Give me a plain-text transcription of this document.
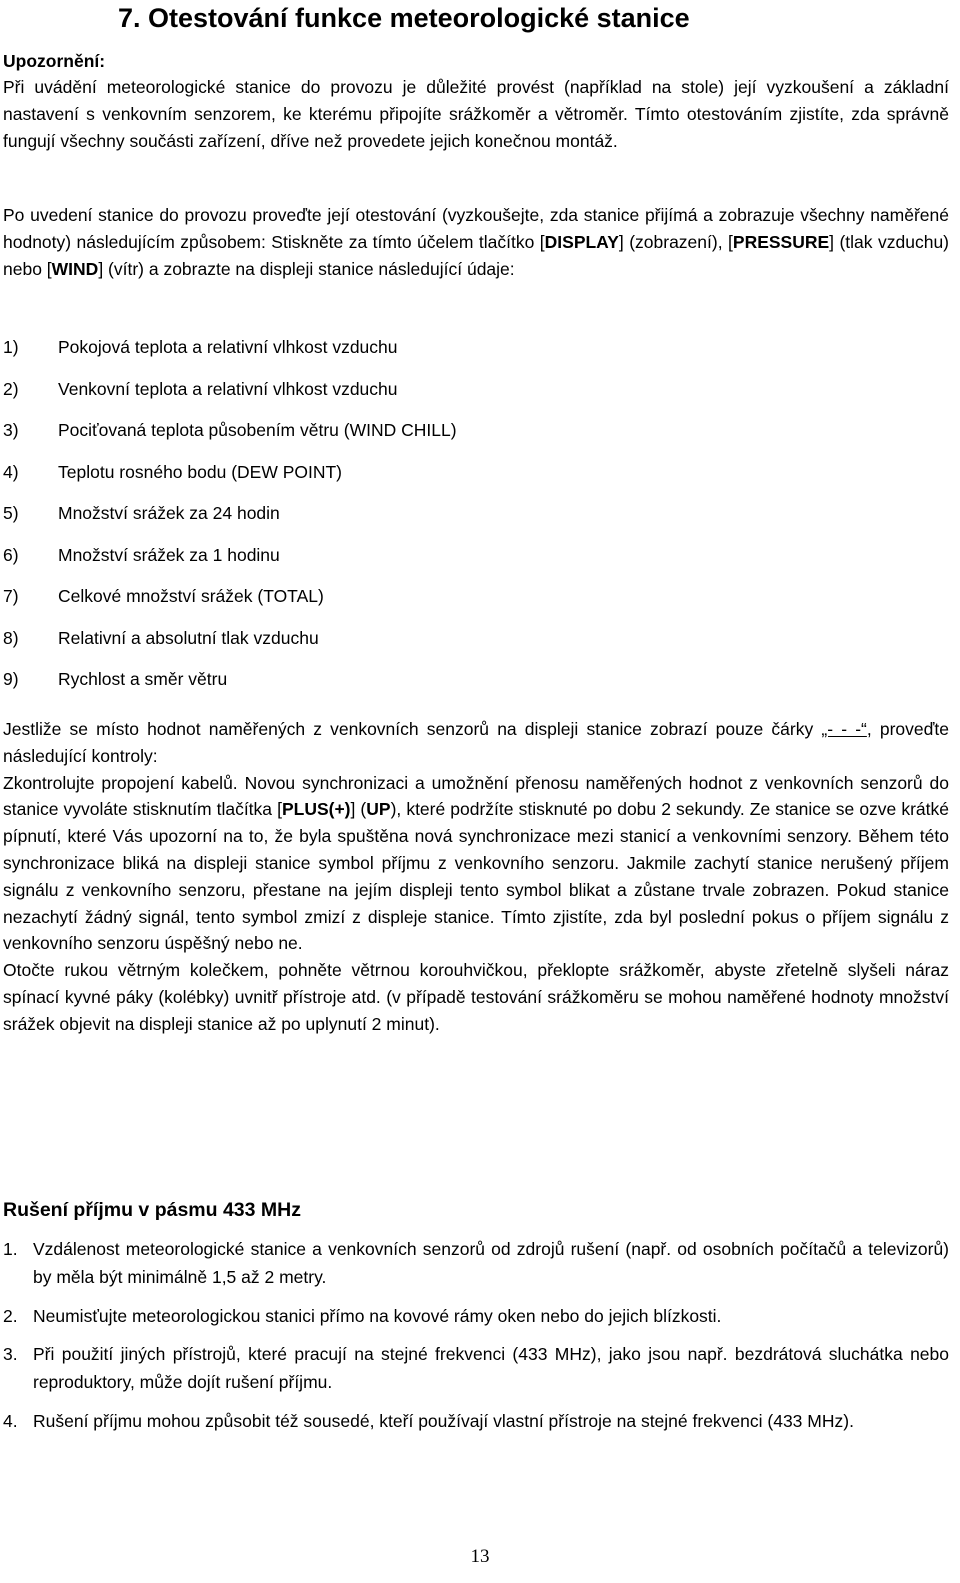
7. Otestování funkce meteorologické stanice
Upozornění:

Při uvádění meteorologické stanice do provozu je důležité provést (například na stole) její vyzkoušení a základní nastavení s venkovním senzorem, ke kterému připojíte srážkoměr a větroměr. Tímto otestováním zjistíte, zda správně fungují všechny součásti zařízení, dříve než provedete jejich konečnou montáž.

Po uvedení stanice do provozu proveďte její otestování (vyzkoušejte, zda stanice přijímá a zobrazuje všechny naměřené hodnoty) následujícím způsobem: Stiskněte za tímto účelem tlačítko [DISPLAY] (zobrazení), [PRESSURE] (tlak vzduchu) nebo [WIND] (vítr) a zobrazte na displeji stanice následující údaje:

1)	Pokojová teplota a relativní vlhkost vzduchu
2)	Venkovní teplota a relativní vlhkost vzduchu
3)	Pociťovaná teplota působením větru (WIND CHILL)
4)	Teplotu rosného bodu (DEW POINT)
5)	Množství srážek za 24 hodin
6)	Množství srážek za 1 hodinu
7)	Celkové množství srážek (TOTAL)
8)	Relativní a absolutní tlak vzduchu
9)	Rychlost a směr větru
Jestliže se místo hodnot naměřených z venkovních senzorů na displeji stanice zobrazí pouze čárky „- - -“, proveďte následující kontroly:
Zkontrolujte propojení kabelů. Novou synchronizaci a umožnění přenosu naměřených hodnot z venkovních senzorů do stanice vyvoláte stisknutím tlačítka [PLUS(+)] (UP), které podržíte stisknuté po dobu 2 sekundy. Ze stanice se ozve krátké pípnutí, které Vás upozorní na to, že byla spuštěna nová synchronizace mezi stanicí a venkovními senzory. Během této synchronizace bliká na displeji stanice symbol příjmu z venkovního senzoru. Jakmile zachytí stanice nerušený příjem signálu z venkovního senzoru, přestane na jejím displeji tento symbol blikat a zůstane trvale zobrazen. Pokud stanice nezachytí žádný signál, tento symbol zmizí z displeje stanice. Tímto zjistíte, zda byl poslední pokus o příjem signálu z venkovního senzoru úspěšný nebo ne.
Otočte rukou větrným kolečkem, pohněte větrnou korouhvičkou, překlopte srážkoměr, abyste zřetelně slyšeli náraz spínací kyvné páky (kolébky) uvnitř přístroje atd. (v případě testování srážkoměru se mohou naměřené hodnoty množství srážek objevit na displeji stanice až po uplynutí 2 minut).
Rušení příjmu v pásmu 433 MHz
1. Vzdálenost meteorologické stanice a venkovních senzorů od zdrojů rušení (např. od osobních počítačů a televizorů) by měla být minimálně 1,5 až 2 metry.
2. Neumisťujte meteorologickou stanici přímo na kovové rámy oken nebo do jejich blízkosti.
3. Při použití jiných přístrojů, které pracují na stejné frekvenci (433 MHz), jako jsou např. bezdrátová sluchátka nebo reproduktory, může dojít rušení příjmu.
4. Rušení příjmu mohou způsobit též sousedé, kteří používají vlastní přístroje na stejné frekvenci (433 MHz).
13
